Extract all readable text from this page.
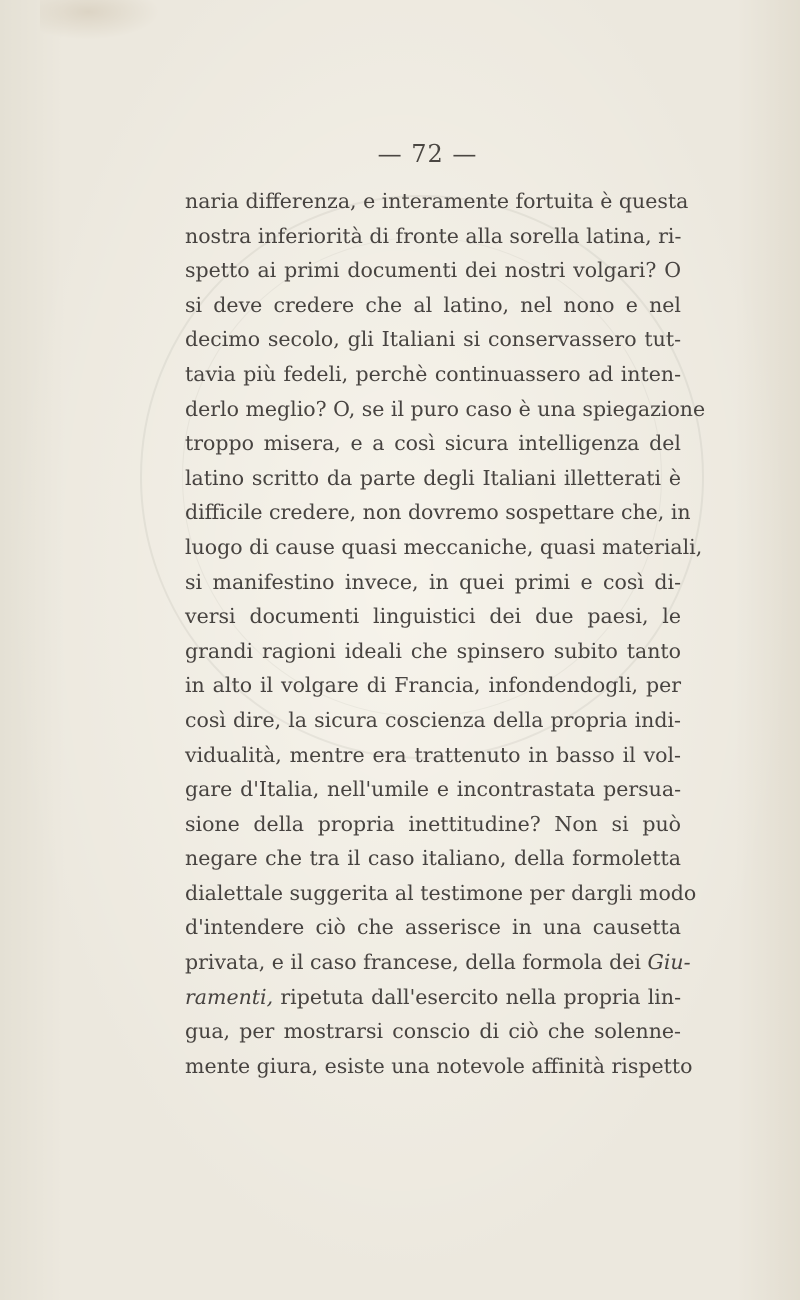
— 72 —
naria differenza, e interamente fortuita è questa
nostra inferiorità di fronte alla sorella latina, ri-
spetto ai primi documenti dei nostri volgari? O
si deve credere che al latino, nel nono e nel
decimo secolo, gli Italiani si conservassero tut-
tavia più fedeli, perchè continuassero ad inten-
derlo meglio? O, se il puro caso è una spiegazione
troppo misera, e a così sicura intelligenza del
latino scritto da parte degli Italiani illetterati è
difficile credere, non dovremo sospettare che, in
luogo di cause quasi meccaniche, quasi materiali,
si manifestino invece, in quei primi e così di-
versi documenti linguistici dei due paesi, le
grandi ragioni ideali che spinsero subito tanto
in alto il volgare di Francia, infondendogli, per
così dire, la sicura coscienza della propria indi-
vidualità, mentre era trattenuto in basso il vol-
gare d'Italia, nell'umile e incontrastata persua-
sione della propria inettitudine? Non si può
negare che tra il caso italiano, della formoletta
dialettale suggerita al testimone per dargli modo
d'intendere ciò che asserisce in una causetta
privata, e il caso francese, della formola dei Giu-
ramenti, ripetuta dall'esercito nella propria lin-
gua, per mostrarsi conscio di ciò che solenne-
mente giura, esiste una notevole affinità rispetto
